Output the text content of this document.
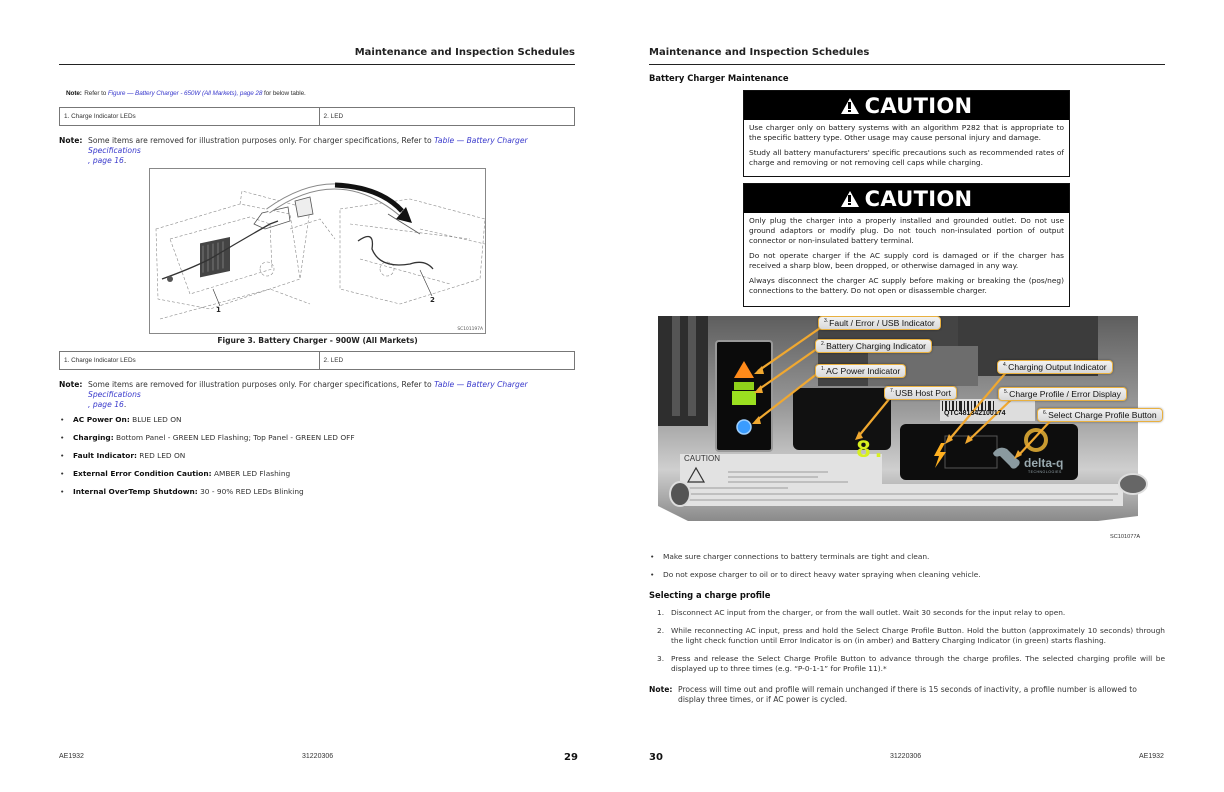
Maintenance and Inspection Schedules
Note: Refer to Figure — Battery Charger - 650W (All Markets), page 28 for below table.
1. Charge Indicator LEDs	2. LED
Note: Some items are removed for illustration purposes only. For charger specifications, Refer to Table — Battery Charger Specifications
, page 16.
1
2
SC101197A
Figure 3. Battery Charger - 900W (All Markets)
1. Charge Indicator LEDs	2. LED
Note: Some items are removed for illustration purposes only. For charger specifications, Refer to Table — Battery Charger Specifications
, page 16.
• AC Power On: BLUE LED ON
• Charging: Bottom Panel - GREEN LED Flashing; Top Panel - GREEN LED OFF
• Fault Indicator: RED LED ON
• External Error Condition Caution: AMBER LED Flashing
• Internal OverTemp Shutdown: 30 - 90% RED LEDs Blinking
AE1932	31220306	29
Maintenance and Inspection Schedules
Battery Charger Maintenance
CAUTION

Use charger only on battery systems with an algorithm P282 that is appropriate to the specific battery type. Other usage may cause personal injury and damage.

Study all battery manufacturers' specific precautions such as recommended rates of charge and removing or not removing cell caps while charging.

CAUTION

Only plug the charger into a properly installed and grounded outlet. Do not use ground adaptors or modify plug. Do not touch non-insulated portion of output connector or non-insulated battery terminal.

Do not operate charger if the AC supply cord is damaged or if the charger has received a sharp blow, been dropped, or otherwise damaged in any way.

Always disconnect the charger AC supply before making or breaking the (pos/neg) connections to the battery. Do not open or disassemble charger.

8.
QTC481342100174
CAUTION	delta-q
TECHNOLOGIES
$^{3.}$Fault / Error / USB Indicator
$^{2.}$Battery Charging Indicator
$^{1.}$AC Power Indicator
$^{4.}$Charging Output Indicator
$^{7.}$USB Host Port	$^{5.}$Charge Profile / Error Display
$^{6.}$Select Charge Profile Button
SC101077A
• Make sure charger connections to battery terminals are tight and clean.
• Do not expose charger to oil or to direct heavy water spraying when cleaning vehicle.
Selecting a charge profile
1. Disconnect AC input from the charger, or from the wall outlet. Wait 30 seconds for the input relay to open.
2. While reconnecting AC input, press and hold the Select Charge Profile Button. Hold the button (approximately 10 seconds) through the light check function until Error Indicator is on (in amber) and Battery Charging Indicator (in green) starts flashing.
3. Press and release the Select Charge Profile Button to advance through the charge profiles. The selected charging profile will be displayed up to three times (e.g. “P-0-1-1” for Profile 11).*
Note: Process will time out and profile will remain unchanged if there is 15 seconds of inactivity, a profile number is allowed to display three times, or if AC power is cycled.
30	31220306	AE1932
